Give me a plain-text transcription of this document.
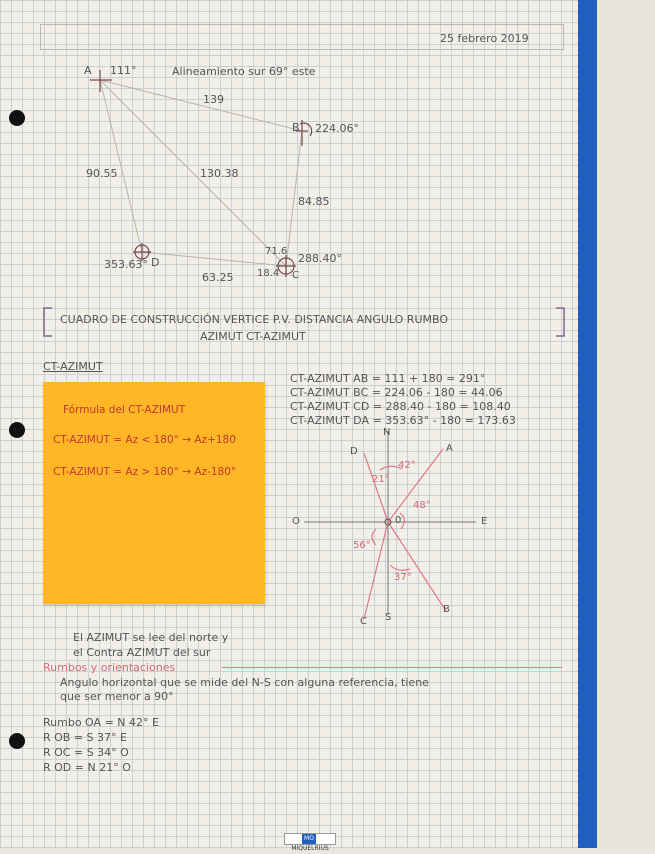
25 febrero 2019
A 111°	Alineamiento sur 69° este
139
B 224.06°
90.55	130.38
84.85
71.6
288.40°
353.63° D
63.25 18.4 C
CUADRO DE CONSTRUCCIÓN VERTICE P.V. DISTANCIA ANGULO RUMBO
AZIMUT CT-AZIMUT
CT-AZIMUT
Fórmula del CT-AZIMUT
CT-AZIMUT = Az < 180° → Az+180
CT-AZIMUT = Az > 180° → Az-180°
CT-AZIMUT AB = 111 + 180 = 291°
CT-AZIMUT BC = 224.06 - 180 = 44.06
CT-AZIMUT CD = 288.40 - 180 = 108.40
CT-AZIMUT DA = 353.63° - 180 = 173.63
N
S
E
O	0
A
B
C
D
42°
21°
48°
56°
37°
El AZIMUT se lee del norte y
el Contra AZIMUT del sur
Rumbos y orientaciones
Angulo horizontal que se mide del N-S con alguna referencia, tiene
que ser menor a 90°
Rumbo OA = N 42° E
R OB = S 37° E
R OC = S 34° O
R OD = N 21° O
MOMIQUELRIUS
